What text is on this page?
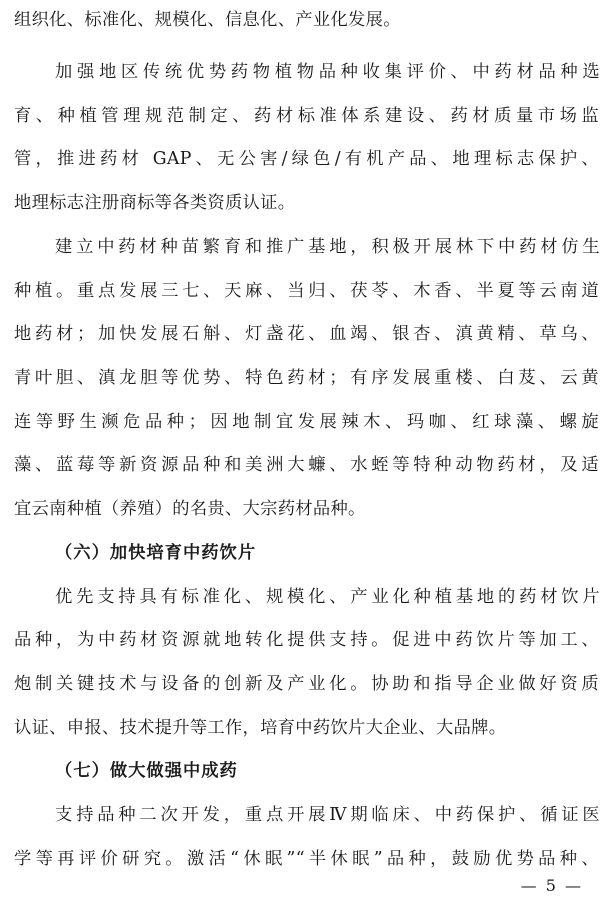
组织化、标准化、规模化、信息化、产业化发展。
加强地区传统优势药物植物品种收集评价、中药材品种选
育、种植管理规范制定、药材标准体系建设、药材质量市场监
管，推进药材 GAP、无公害/绿色/有机产品、地理标志保护、
地理标志注册商标等各类资质认证。
建立中药材种苗繁育和推广基地，积极开展林下中药材仿生
种植。重点发展三七、天麻、当归、茯苓、木香、半夏等云南道
地药材；加快发展石斛、灯盏花、血竭、银杏、滇黄精、草乌、
青叶胆、滇龙胆等优势、特色药材；有序发展重楼、白芨、云黄
连等野生濒危品种；因地制宜发展辣木、玛咖、红球藻、螺旋
藻、蓝莓等新资源品种和美洲大蠊、水蛭等特种动物药材，及适
宜云南种植（养殖）的名贵、大宗药材品种。
（六）加快培育中药饮片
优先支持具有标准化、规模化、产业化种植基地的药材饮片
品种，为中药材资源就地转化提供支持。促进中药饮片等加工、
炮制关键技术与设备的创新及产业化。协助和指导企业做好资质
认证、申报、技术提升等工作，培育中药饮片大企业、大品牌。
（七）做大做强中成药
支持品种二次开发，重点开展Ⅳ期临床、中药保护、循证医
学等再评价研究。激活“休眠”“半休眠”品种，鼓励优势品种、
— 5 —
